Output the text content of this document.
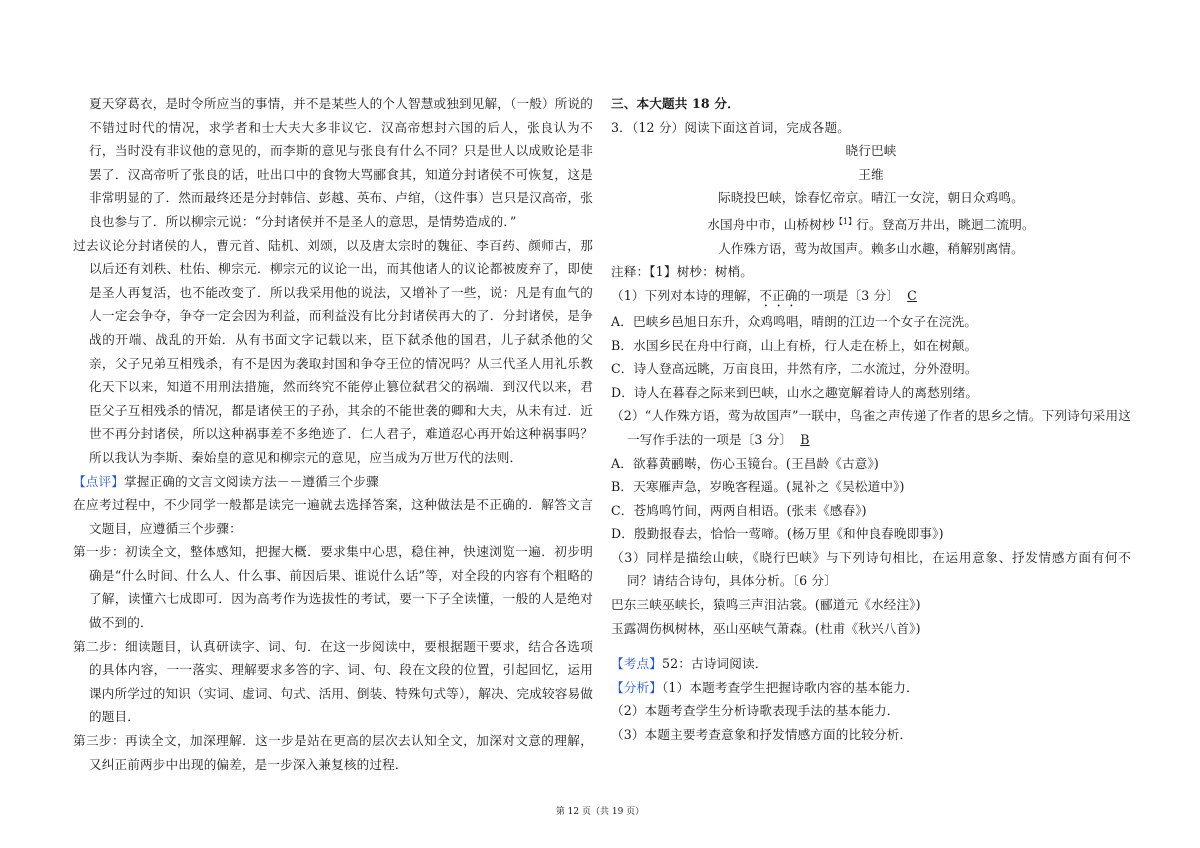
夏天穿葛衣，是时令所应当的事情，并不是某些人的个人智慧或独到见解，（一般）所说的不错过时代的情况，求学者和士大夫大多非议它．汉高帝想封六国的后人，张良认为不行，当时没有非议他的意见的，而李斯的意见与张良有什么不同？只是世人以成败论是非罢了．汉高帝听了张良的话，吐出口中的食物大骂郦食其，知道分封诸侯不可恢复，这是非常明显的了．然而最终还是分封韩信、彭越、英布、卢绾，（这件事）岂只是汉高帝，张良也参与了．所以柳宗元说：“分封诸侯并不是圣人的意思，是情势造成的．”
过去议论分封诸侯的人，曹元首、陆机、刘颂，以及唐太宗时的魏征、李百药、颜师古，那以后还有刘秩、杜佑、柳宗元．柳宗元的议论一出，而其他诸人的议论都被废弃了，即使是圣人再复活，也不能改变了．所以我采用他的说法，又增补了一些，说：凡是有血气的人一定会争夺，争夺一定会因为利益，而利益没有比分封诸侯再大的了．分封诸侯，是争战的开端、战乱的开始．从有书面文字记载以来，臣下弑杀他的国君，儿子弑杀他的父亲，父子兄弟互相残杀，有不是因为袭取封国和争夺王位的情况吗？从三代圣人用礼乐教化天下以来，知道不用刑法措施，然而终究不能停止篡位弑君父的祸端．到汉代以来，君臣父子互相残杀的情况，都是诸侯王的子孙，其余的不能世袭的卿和大夫，从未有过．近世不再分封诸侯，所以这种祸事差不多绝迹了．仁人君子，难道忍心再开始这种祸事吗？所以我认为李斯、秦始皇的意见和柳宗元的意见，应当成为万世万代的法则．
【点评】掌握正确的文言文阅读方法－－遵循三个步骤
在应考过程中，不少同学一般都是读完一遍就去选择答案，这种做法是不正确的．解答文言文题目，应遵循三个步骤：
第一步：初读全文，整体感知，把握大概．要求集中心思，稳住神，快速浏览一遍．初步明确是“什么时间、什么人、什么事、前因后果、谁说什么话”等，对全段的内容有个粗略的了解，读懂六七成即可．因为高考作为选拔性的考试，要一下子全读懂，一般的人是绝对做不到的．
第二步：细读题目，认真研读字、词、句．在这一步阅读中，要根据题干要求，结合各选项的具体内容，一一落实、理解要求多答的字、词、句、段在文段的位置，引起回忆，运用课内所学过的知识（实词、虚词、句式、活用、倒装、特殊句式等），解决、完成较容易做的题目．
第三步：再读全文，加深理解．这一步是站在更高的层次去认知全文，加深对文意的理解，又纠正前两步中出现的偏差，是一步深入兼复核的过程．
三、本大题共 18 分．
3．（12 分）阅读下面这首词，完成各题。
晓行巴峡
王维
际晓投巴峡，馀春忆帝京。晴江一女浣，朝日众鸡鸣。
水国舟中市，山桥树杪$^{【1】}$行。登高万井出，眺迥二流明。
人作殊方语，莺为故国声。赖多山水趣，稍解别离情。
注释：【1】树杪：树梢。
（1）下列对本诗的理解，不正确的一项是〔3 分〕 C
A．巴峡乡邑旭日东升，众鸡鸣唱，晴朗的江边一个女子在浣洗。
B．水国乡民在舟中行商，山上有桥，行人走在桥上，如在树颠。
C．诗人登高远眺，万亩良田，井然有序，二水流过，分外澄明。
D．诗人在暮春之际来到巴峡，山水之趣宽解着诗人的离愁别绪。
（2）“人作殊方语，莺为故国声”一联中，鸟雀之声传递了作者的思乡之情。下列诗句采用这一写作手法的一项是〔3 分〕 B
A．欲暮黄鹂啭，伤心玉镜台。(王昌龄《古意》)
B．天寒雁声急，岁晚客程遥。(晁补之《吴松道中》)
C．苍鸠鸣竹间，两两自相语。(张耒《感春》)
D．殷勤报春去，恰恰一莺啼。(杨万里《和仲良春晚即事》)
（3）同样是描绘山峡，《晓行巴峡》与下列诗句相比，在运用意象、抒发情感方面有何不同？请结合诗句，具体分析。〔6 分〕
巴东三峡巫峡长，猿鸣三声泪沾裳。(郦道元《水经注》)
玉露凋伤枫树林，巫山巫峡气萧森。(杜甫《秋兴八首》)
【考点】52：古诗词阅读．
【分析】（1）本题考查学生把握诗歌内容的基本能力．
（2）本题考查学生分析诗歌表现手法的基本能力．
（3）本题主要考查意象和抒发情感方面的比较分析．
第 12 页（共 19 页）
